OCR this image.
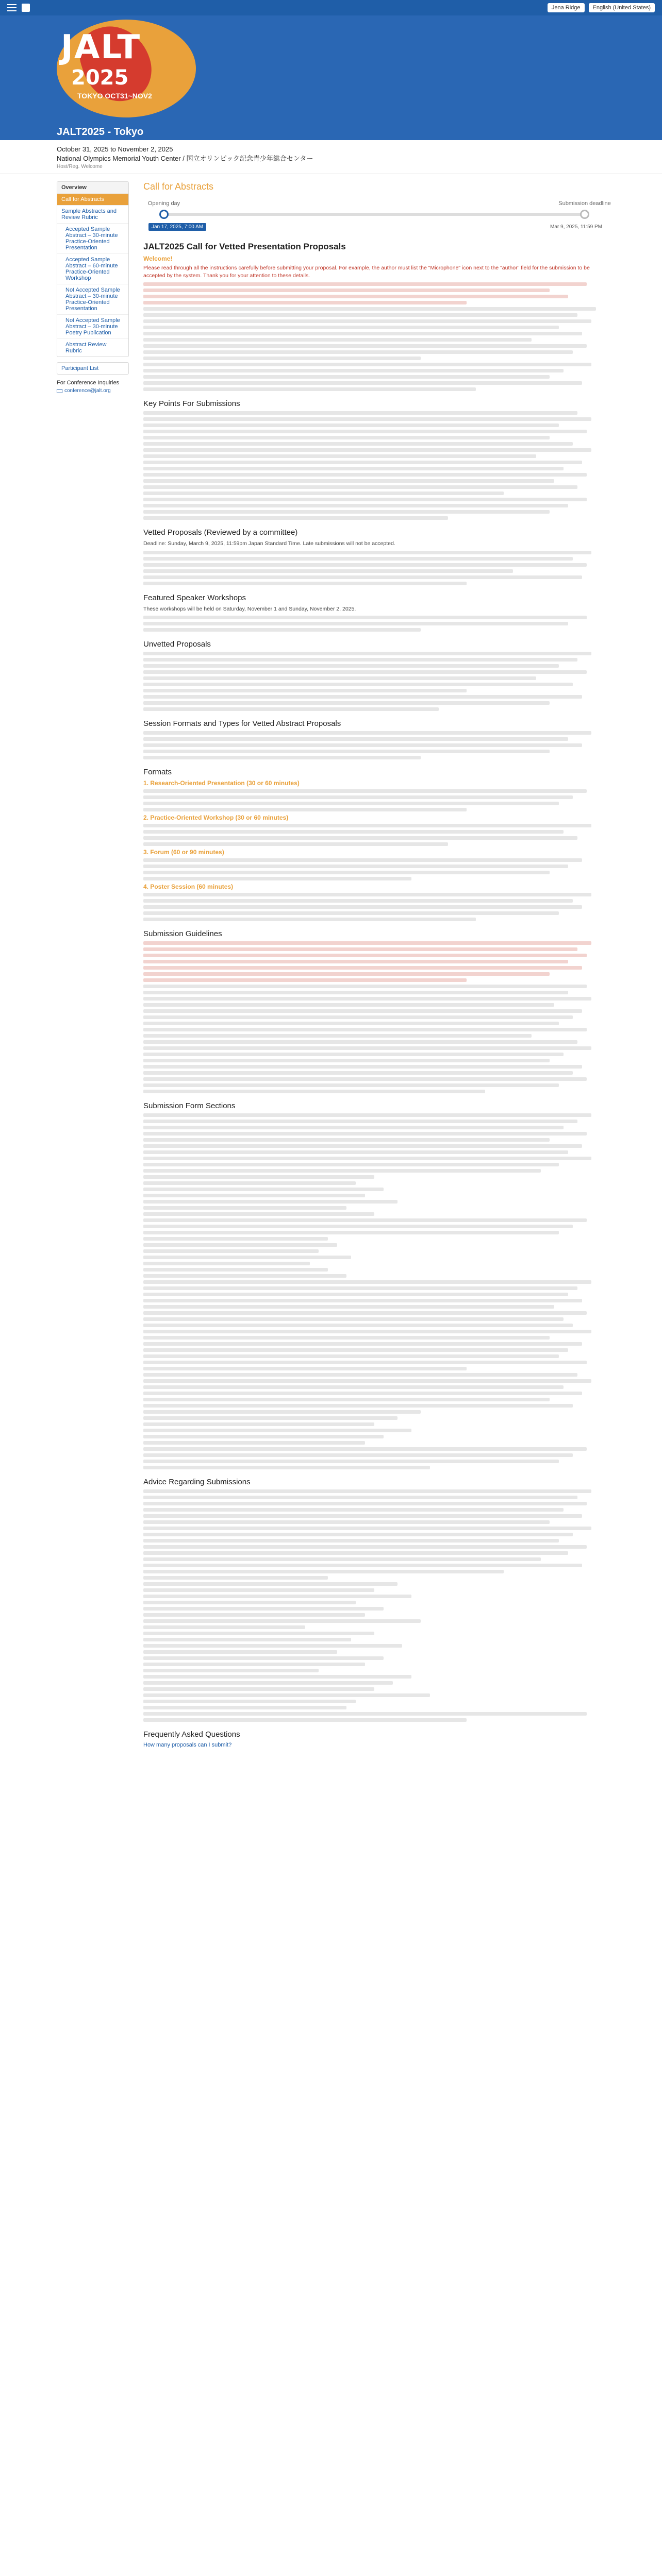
Jena Ridge	English (United States)
JALT
2025
TOKYO OCT31~NOV2
JALT2025 - Tokyo
October 31, 2025 to November 2, 2025
National Olympics Memorial Youth Center / 国立オリンピック記念青少年総合センター
Host/Reg. Welcome
Overview
Call for Abstracts
Sample Abstracts and Review Rubric
Accepted Sample Abstract – 30-minute Practice-Oriented Presentation
Accepted Sample Abstract – 60-minute Practice-Oriented Workshop
Not Accepted Sample Abstract – 30-minute Practice-Oriented Presentation
Not Accepted Sample Abstract – 30-minute Poetry Publication
Abstract Review Rubric
Participant List
For Conference Inquiries
conference@jalt.org
Call for Abstracts
Opening day	Submission deadline
Jan 17, 2025, 7:00 AM	Mar 9, 2025, 11:59 PM
JALT2025 Call for Vetted Presentation Proposals
Welcome!

Please read through all the instructions carefully before submitting your proposal. For example, the author must list the "Microphone" icon next to the "author" field for the submission to be accepted by the system. Thank you for your attention to these details.

Key Points For Submissions
Vetted Proposals (Reviewed by a committee)

Deadline: Sunday, March 9, 2025, 11:59pm Japan Standard Time. Late submissions will not be accepted.

Featured Speaker Workshops

These workshops will be held on Saturday, November 1 and Sunday, November 2, 2025.

Unvetted Proposals
Session Formats and Types for Vetted Abstract Proposals
Formats
1. Research-Oriented Presentation (30 or 60 minutes)
2. Practice-Oriented Workshop (30 or 60 minutes)
3. Forum (60 or 90 minutes)
4. Poster Session (60 minutes)
Submission Guidelines
Submission Form Sections
Advice Regarding Submissions
Frequently Asked Questions
How many proposals can I submit?
